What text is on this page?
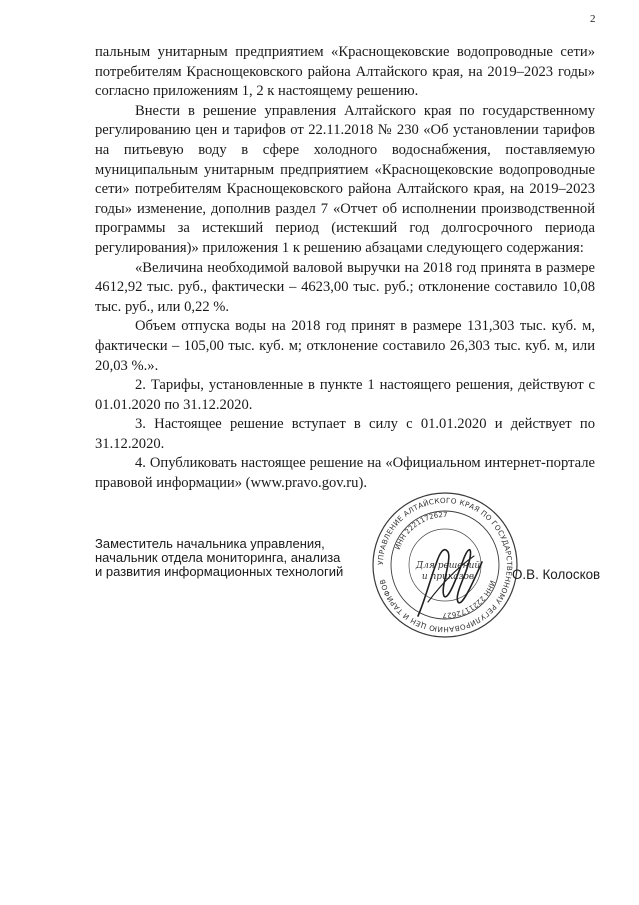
2

пальным унитарным предприятием «Краснощековские водопроводные сети» потребителям Краснощековского района Алтайского края, на 2019–2023 годы» согласно приложениям 1, 2 к настоящему решению.

Внести в решение управления Алтайского края по государственному регулированию цен и тарифов от 22.11.2018 № 230 «Об установлении тарифов на питьевую воду в сфере холодного водоснабжения, поставляемую муниципальным унитарным предприятием «Краснощековские водопроводные сети» потребителям Краснощековского района Алтайского края, на 2019–2023 годы» изменение, дополнив раздел 7 «Отчет об исполнении производственной программы за истекший период (истекший год долгосрочного периода регулирования)» приложения 1 к решению абзацами следующего содержания:

«Величина необходимой валовой выручки на 2018 год принята в размере 4612,92 тыс. руб., фактически – 4623,00 тыс. руб.; отклонение составило 10,08 тыс. руб., или 0,22 %.

Объем отпуска воды на 2018 год принят в размере 131,303 тыс. куб. м, фактически – 105,00 тыс. куб. м; отклонение составило 26,303 тыс. куб. м, или 20,03 %.».

2. Тарифы, установленные в пункте 1 настоящего решения, действуют с 01.01.2020 по 31.12.2020.

3. Настоящее решение вступает в силу с 01.01.2020 и действует по 31.12.2020.

4. Опубликовать настоящее решение на «Официальном интернет-портале правовой информации» (www.pravo.gov.ru).

Заместитель начальника управления,
начальник отдела мониторинга, анализа
и развития информационных технологий
УПРАВЛЕНИЕ АЛТАЙСКОГО КРАЯ ПО ГОСУДАРСТВЕННОМУ РЕГУЛИРОВАНИЮ ЦЕН И ТАРИФОВ	ИНН 2221172627
ИНН 2221172627
Для решений
и приказов	О.В. Колосков
